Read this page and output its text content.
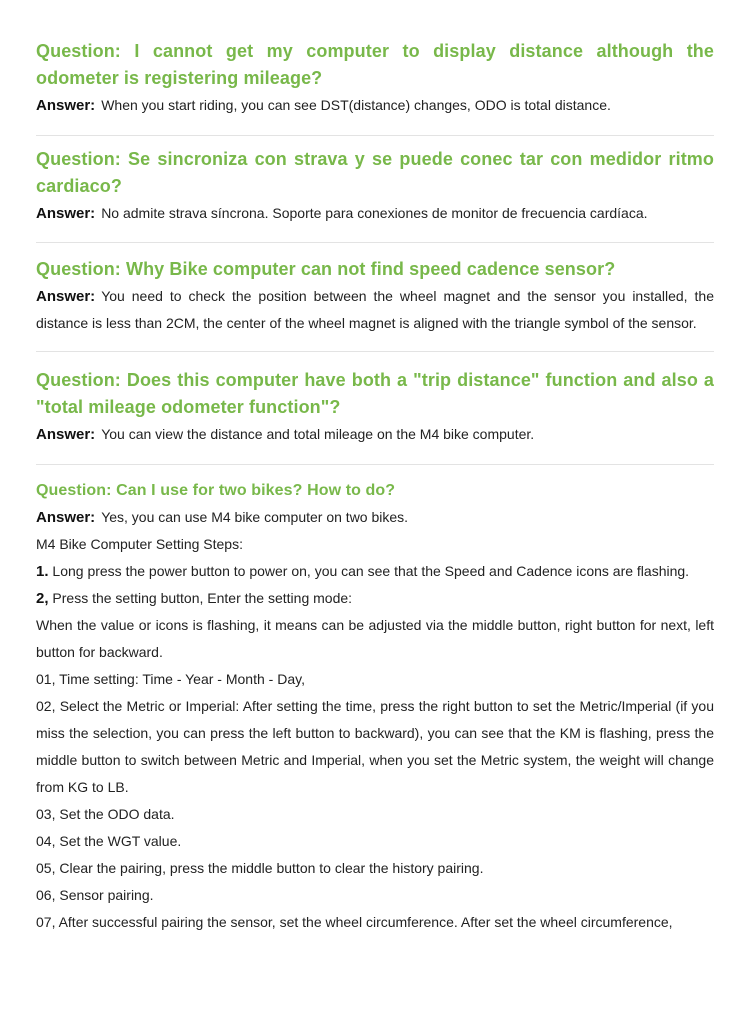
Question: I cannot get my computer to display distance although the odometer is registering mileage?

Answer: When you start riding, you can see DST(distance) changes, ODO is total distance.

Question: Se sincroniza con strava y se puede conec tar con medidor ritmo cardiaco?

Answer: No admite strava síncrona. Soporte para conexiones de monitor de frecuencia cardíaca.

Question: Why Bike computer can not find speed cadence sensor?

Answer: You need to check the position between the wheel magnet and the sensor you installed, the distance is less than 2CM, the center of the wheel magnet is aligned with the triangle symbol of the sensor.

Question: Does this computer have both a "trip distance" function and also a "total mileage odometer function"?

Answer: You can view the distance and total mileage on the M4 bike computer.

Question: Can I use for two bikes? How to do?

Answer: Yes, you can use M4 bike computer on two bikes.

M4 Bike Computer Setting Steps:

1. Long press the power button to power on, you can see that the Speed and Cadence icons are flashing.

2, Press the setting button, Enter the setting mode:

When the value or icons is flashing, it means can be adjusted via the middle button, right button for next, left button for backward.

01, Time setting: Time - Year - Month - Day,

02, Select the Metric or Imperial: After setting the time, press the right button to set the Metric/Imperial (if you miss the selection, you can press the left button to backward), you can see that the KM is flashing, press the middle button to switch between Metric and Imperial, when you set the Metric system, the weight will change from KG to LB.

03, Set the ODO data.

04, Set the WGT value.

05, Clear the pairing, press the middle button to clear the history pairing.

06, Sensor pairing.

07, After successful pairing the sensor, set the wheel circumference. After set the wheel circumference,
